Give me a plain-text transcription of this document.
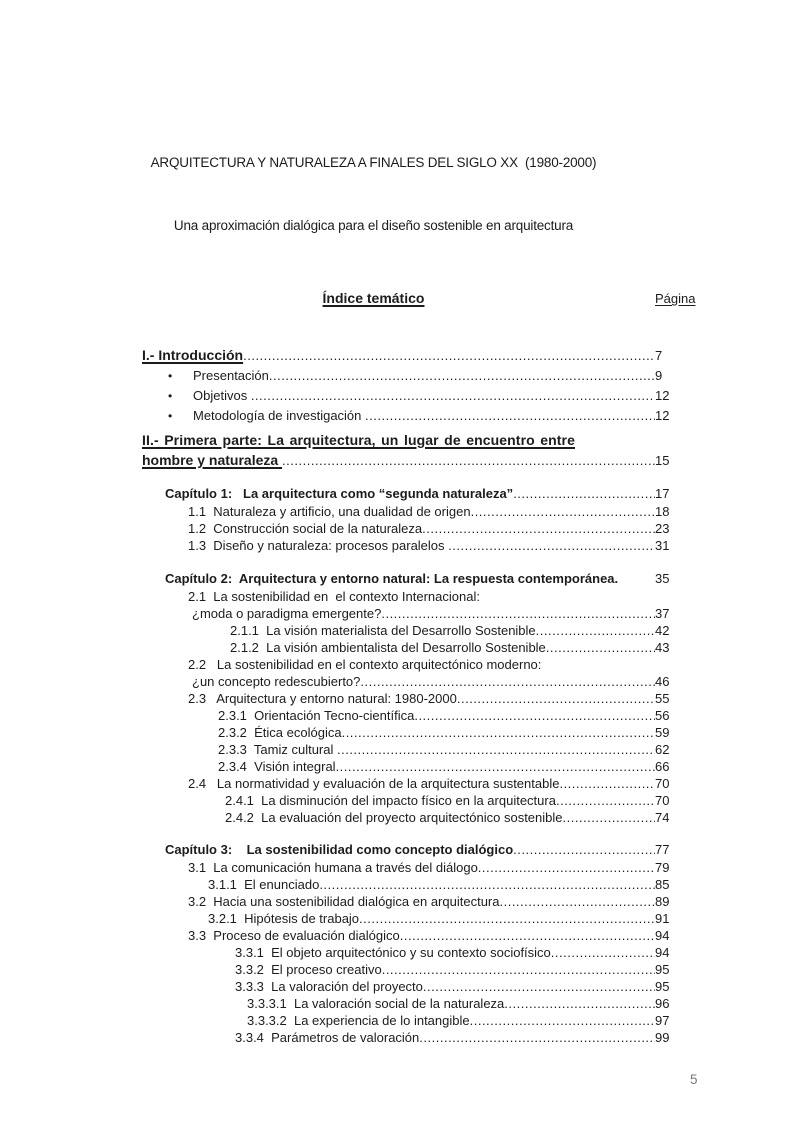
ARQUITECTURA Y NATURALEZA A FINALES DEL SIGLO XX  (1980-2000)

Una aproximación dialógica para el diseño sostenible en arquitectura

Índice temático	Página
I.- Introducción .....	7
•	Presentación .....	9
•	Objetivos .....	12
•	Metodología de investigación .....	12
II.- Primera parte: La arquitectura, un lugar de encuentro entre
hombre y naturaleza .....	15
Capítulo 1:   La arquitectura como “segunda naturaleza” .....	17
1.1  Naturaleza y artificio, una dualidad de origen .....	18
1.2  Construcción social de la naturaleza .....	23
1.3  Diseño y naturaleza: procesos paralelos .....	31
Capítulo 2:  Arquitectura y entorno natural: La respuesta contemporánea.	35
2.1  La sostenibilidad en  el contexto Internacional:
¿moda o paradigma emergente? .....	37
2.1.1  La visión materialista del Desarrollo Sostenible .....	42
2.1.2  La visión ambientalista del Desarrollo Sostenible .....	43
2.2   La sostenibilidad en el contexto arquitectónico moderno:
¿un concepto redescubierto? .....	46
2.3   Arquitectura y entorno natural: 1980-2000 .....	55
2.3.1  Orientación Tecno-científica .....	56
2.3.2  Ética ecológica .....	59
2.3.3  Tamiz cultural .....	62
2.3.4  Visión integral .....	66
2.4   La normatividad y evaluación de la arquitectura sustentable .....	70
2.4.1  La disminución del impacto físico en la arquitectura .....	70
2.4.2  La evaluación del proyecto arquitectónico sostenible .....	74
Capítulo 3:    La sostenibilidad como concepto dialógico .....	77
3.1  La comunicación humana a través del diálogo .....	79
3.1.1  El enunciado .....	85
3.2  Hacia una sostenibilidad dialógica en arquitectura .....	89
3.2.1  Hipótesis de trabajo .....	91
3.3  Proceso de evaluación dialógico .....	94
3.3.1  El objeto arquitectónico y su contexto sociofísico .....	94
3.3.2  El proceso creativo .....	95
3.3.3  La valoración del proyecto .....	95
3.3.3.1  La valoración social de la naturaleza .....	96
3.3.3.2  La experiencia de lo intangible .....	97
3.3.4  Parámetros de valoración .....	99
5
